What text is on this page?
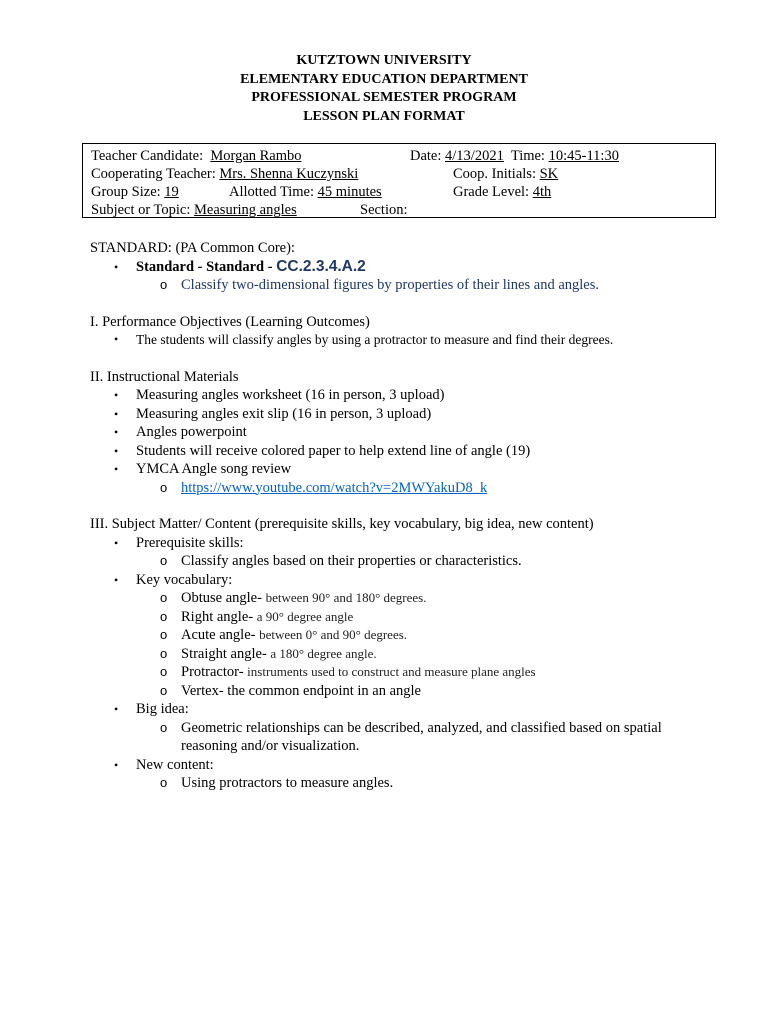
KUTZTOWN UNIVERSITY
ELEMENTARY EDUCATION DEPARTMENT
PROFESSIONAL SEMESTER PROGRAM
LESSON PLAN FORMAT
Teacher Candidate: Morgan Rambo	Date: 4/13/2021 Time: 10:45-11:30
Cooperating Teacher: Mrs. Shenna Kuczynski	Coop. Initials: SK
Group Size: 19	Allotted Time: 45 minutes	Grade Level: 4th
Subject or Topic: Measuring angles	Section:
STANDARD: (PA Common Core):
• Standard - Standard - CC.2.3.4.A.2
o Classify two-dimensional figures by properties of their lines and angles.
I. Performance Objectives (Learning Outcomes)
• The students will classify angles by using a protractor to measure and find their degrees.
II. Instructional Materials
• Measuring angles worksheet (16 in person, 3 upload)
• Measuring angles exit slip (16 in person, 3 upload)
• Angles powerpoint
• Students will receive colored paper to help extend line of angle (19)
• YMCA Angle song review
o https://www.youtube.com/watch?v=2MWYakuD8_k
III. Subject Matter/ Content (prerequisite skills, key vocabulary, big idea, new content)
• Prerequisite skills:
o Classify angles based on their properties or characteristics.
• Key vocabulary:
o Obtuse angle- between 90° and 180° degrees.
o Right angle- a 90° degree angle
o Acute angle- between 0° and 90° degrees.
o Straight angle- a 180° degree angle.
o Protractor- instruments used to construct and measure plane angles
o Vertex- the common endpoint in an angle
• Big idea:
o Geometric relationships can be described, analyzed, and classified based on spatial reasoning and/or visualization.
• New content:
o Using protractors to measure angles.
